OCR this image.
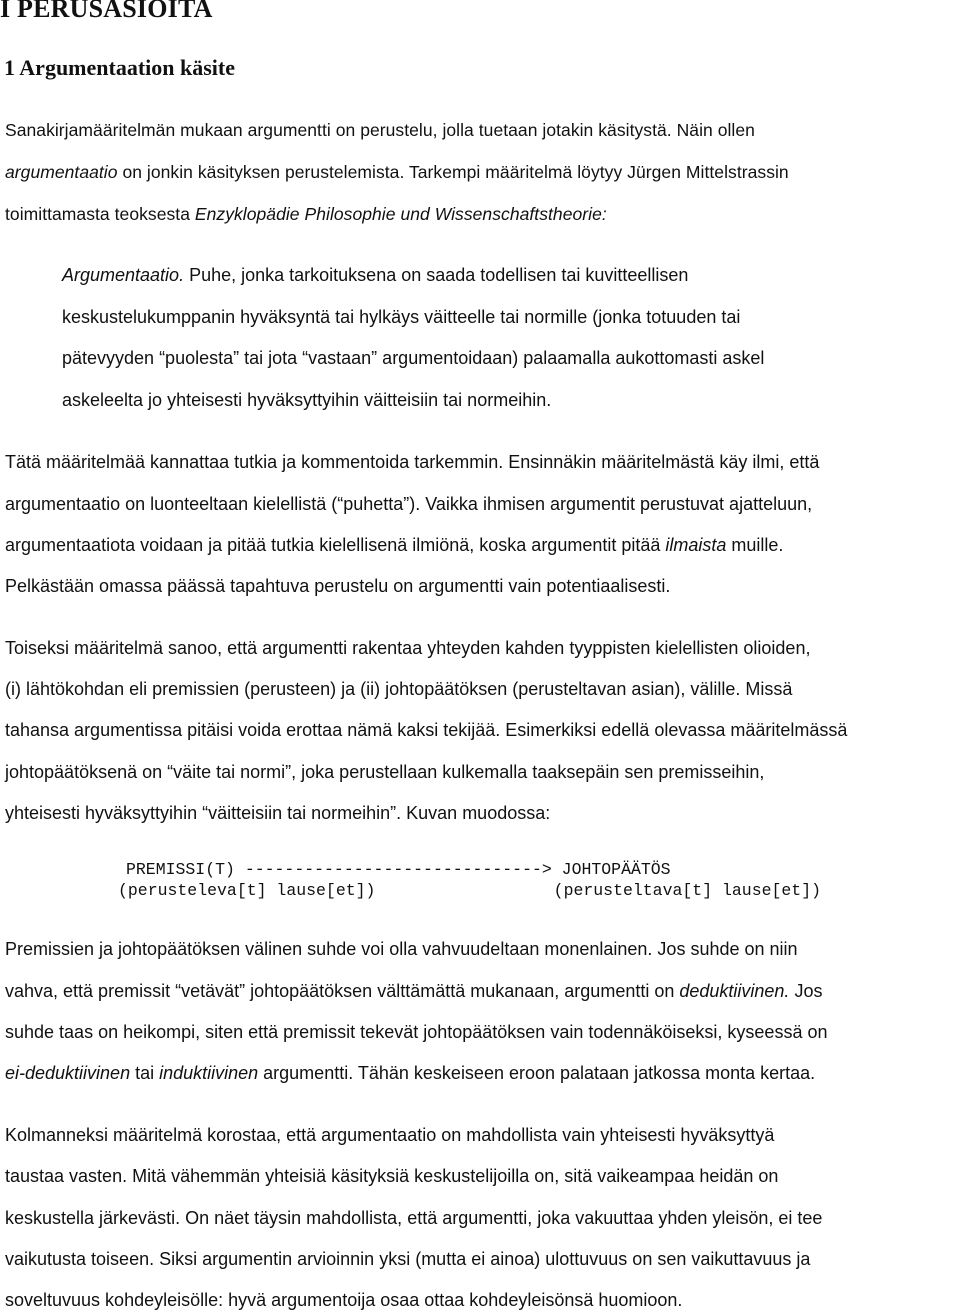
I PERUSASIOITA
1 Argumentaation käsite

Sanakirjamääritelmän mukaan argumentti on perustelu, jolla tuetaan jotakin käsitystä. Näin ollen

argumentaatio on jonkin käsityksen perustelemista. Tarkempi määritelmä löytyy Jürgen Mittelstrassin

toimittamasta teoksesta Enzyklopädie Philosophie und Wissenschaftstheorie:

Argumentaatio. Puhe, jonka tarkoituksena on saada todellisen tai kuvitteellisen

keskustelukumppanin hyväksyntä tai hylkäys väitteelle tai normille (jonka totuuden tai

pätevyyden “puolesta” tai jota “vastaan” argumentoidaan) palaamalla aukottomasti askel

askeleelta jo yhteisesti hyväksyttyihin väitteisiin tai normeihin.

Tätä määritelmää kannattaa tutkia ja kommentoida tarkemmin. Ensinnäkin määritelmästä käy ilmi, että

argumentaatio on luonteeltaan kielellistä (“puhetta”). Vaikka ihmisen argumentit perustuvat ajatteluun,

argumentaatiota voidaan ja pitää tutkia kielellisenä ilmiönä, koska argumentit pitää ilmaista muille.

Pelkästään omassa päässä tapahtuva perustelu on argumentti vain potentiaalisesti.

Toiseksi määritelmä sanoo, että argumentti rakentaa yhteyden kahden tyyppisten kielellisten olioiden,

(i) lähtökohdan eli premissien (perusteen) ja (ii) johtopäätöksen (perusteltavan asian), välille. Missä

tahansa argumentissa pitäisi voida erottaa nämä kaksi tekijää. Esimerkiksi edellä olevassa määritelmässä

johtopäätöksenä on “väite tai normi”, joka perustellaan kulkemalla taaksepäin sen premisseihin,

yhteisesti hyväksyttyihin “väitteisiin tai normeihin”. Kuvan muodossa:

PREMISSI(T) ------------------------------> JOHTOPÄÄTÖS

(perusteleva[t] lause[et])                  (perusteltava[t] lause[et])

Premissien ja johtopäätöksen välinen suhde voi olla vahvuudeltaan monenlainen. Jos suhde on niin

vahva, että premissit “vetävät” johtopäätöksen välttämättä mukanaan, argumentti on deduktiivinen. Jos

suhde taas on heikompi, siten että premissit tekevät johtopäätöksen vain todennäköiseksi, kyseessä on

ei-deduktiivinen tai induktiivinen argumentti. Tähän keskeiseen eroon palataan jatkossa monta kertaa.

Kolmanneksi määritelmä korostaa, että argumentaatio on mahdollista vain yhteisesti hyväksyttyä

taustaa vasten. Mitä vähemmän yhteisiä käsityksiä keskustelijoilla on, sitä vaikeampaa heidän on

keskustella järkevästi. On näet täysin mahdollista, että argumentti, joka vakuuttaa yhden yleisön, ei tee

vaikutusta toiseen. Siksi argumentin arvioinnin yksi (mutta ei ainoa) ulottuvuus on sen vaikuttavuus ja

soveltuvuus kohdeyleisölle: hyvä argumentoija osaa ottaa kohdeyleisönsä huomioon.
